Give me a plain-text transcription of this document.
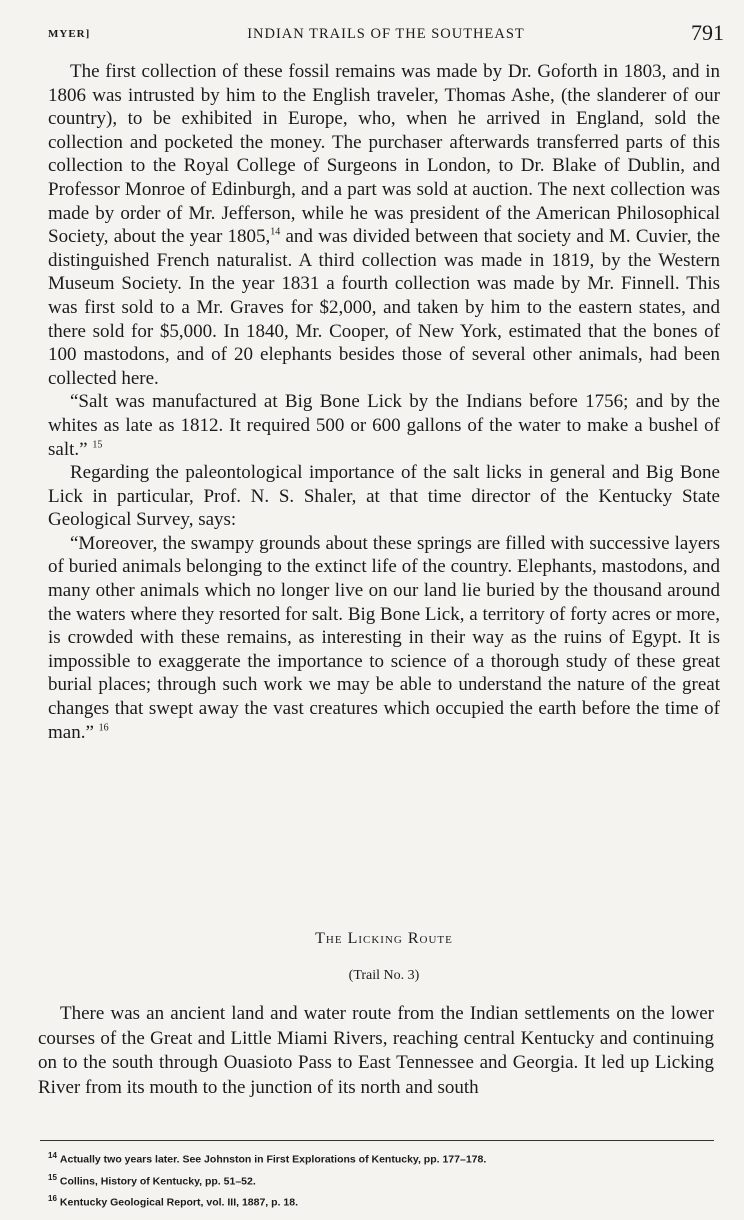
MYER]	INDIAN TRAILS OF THE SOUTHEAST	791

The first collection of these fossil remains was made by Dr. Goforth in 1803, and in 1806 was intrusted by him to the English traveler, Thomas Ashe, (the slanderer of our country), to be exhibited in Europe, who, when he arrived in England, sold the collection and pocketed the money. The purchaser afterwards transferred parts of this collection to the Royal College of Surgeons in London, to Dr. Blake of Dublin, and Professor Monroe of Edinburgh, and a part was sold at auction. The next collection was made by order of Mr. Jefferson, while he was president of the American Philosophical Society, about the year 1805,14 and was divided between that society and M. Cuvier, the distinguished French naturalist. A third collection was made in 1819, by the Western Museum Society. In the year 1831 a fourth collection was made by Mr. Finnell. This was first sold to a Mr. Graves for $2,000, and taken by him to the eastern states, and there sold for $5,000. In 1840, Mr. Cooper, of New York, estimated that the bones of 100 mastodons, and of 20 elephants besides those of several other animals, had been collected here.

“Salt was manufactured at Big Bone Lick by the Indians before 1756; and by the whites as late as 1812. It required 500 or 600 gallons of the water to make a bushel of salt.” $^{15}$

Regarding the paleontological importance of the salt licks in general and Big Bone Lick in particular, Prof. N. S. Shaler, at that time director of the Kentucky State Geological Survey, says:

“Moreover, the swampy grounds about these springs are filled with successive layers of buried animals belonging to the extinct life of the country. Elephants, mastodons, and many other animals which no longer live on our land lie buried by the thousand around the waters where they resorted for salt. Big Bone Lick, a territory of forty acres or more, is crowded with these remains, as interesting in their way as the ruins of Egypt. It is impossible to exaggerate the importance to science of a thorough study of these great burial places; through such work we may be able to understand the nature of the great changes that swept away the vast creatures which occupied the earth before the time of man.” $^{16}$

The Licking Route
(Trail No. 3)

There was an ancient land and water route from the Indian settlements on the lower courses of the Great and Little Miami Rivers, reaching central Kentucky and continuing on to the south through Ouasioto Pass to East Tennessee and Georgia. It led up Licking River from its mouth to the junction of its north and south

$^{14}$ Actually two years later. See Johnston in First Explorations of Kentucky, pp. 177–178.
$^{15}$ Collins, History of Kentucky, pp. 51–52.
$^{16}$ Kentucky Geological Report, vol. III, 1887, p. 18.
